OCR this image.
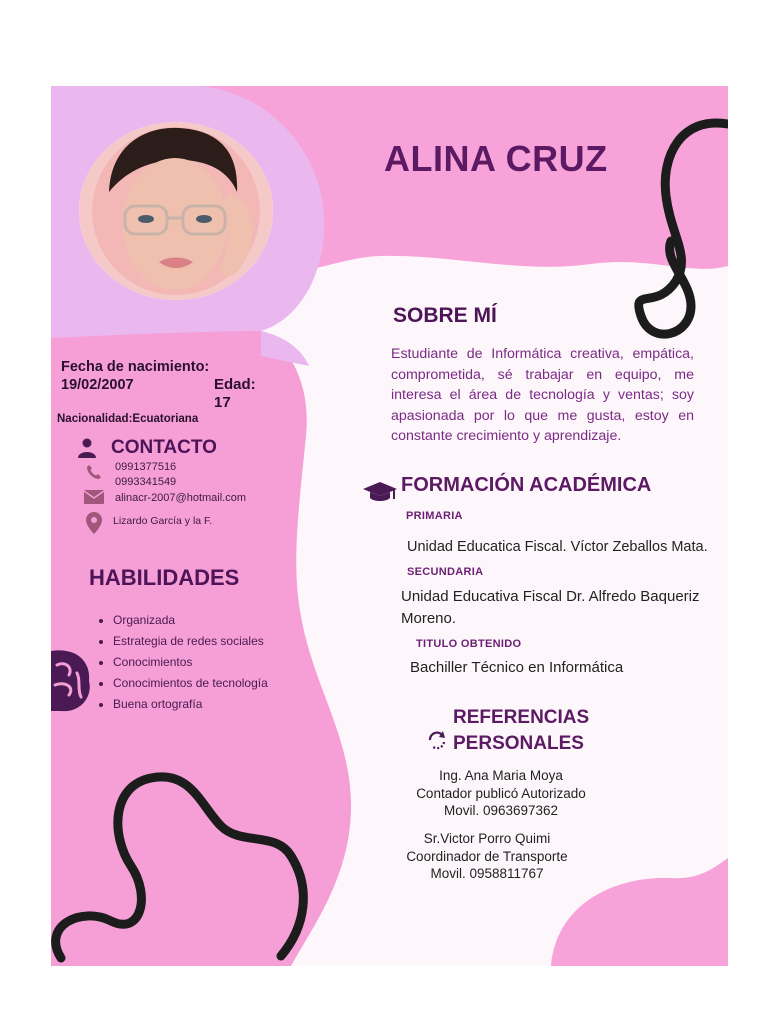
ALINA CRUZ
SOBRE MÍ

Estudiante de Informática creativa, empática, comprometida, sé trabajar en equipo, me interesa el área de tecnología y ventas; soy apasionada por lo que me gusta, estoy en constante crecimiento y aprendizaje.

FORMACIÓN ACADÉMICA
PRIMARIA
Unidad Educatica Fiscal. Víctor Zeballos Mata.
SECUNDARIA
Unidad Educativa Fiscal Dr. Alfredo Baqueriz
Moreno.
TITULO OBTENIDO
Bachiller Técnico en Informática
REFERENCIAS
PERSONALES
Ing. Ana Maria Moya
Contador publicó Autorizado
Movil. 0963697362
Sr.Victor Porro Quimi
Coordinador de Transporte
Movil. 0958811767
Fecha de nacimiento:
19/02/2007	Edad:
17
Nacionalidad:Ecuatoriana
CONTACTO
0991377516
0993341549
alinacr-2007@hotmail.com
Lizardo García y la F.
HABILIDADES
• Organizada
• Estrategia de redes sociales
• Conocimientos
• Conocimientos de tecnología
• Buena ortografía
